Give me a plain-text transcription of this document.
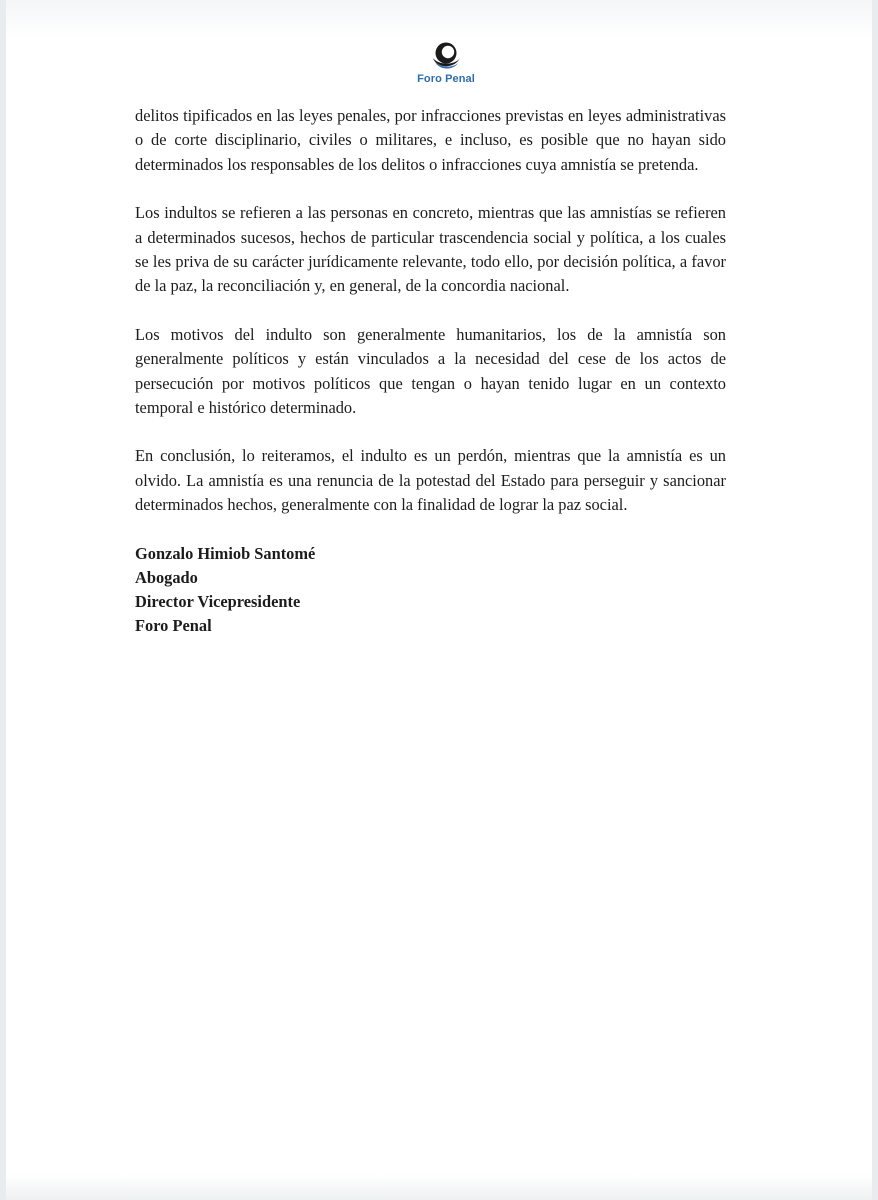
Foro Penal

delitos tipificados en las leyes penales, por infracciones previstas en leyes administrativas o de corte disciplinario, civiles o militares, e incluso, es posible que no hayan sido determinados los responsables de los delitos o infracciones cuya amnistía se pretenda.

Los indultos se refieren a las personas en concreto, mientras que las amnistías se refieren a determinados sucesos, hechos de particular trascendencia social y política, a los cuales se les priva de su carácter jurídicamente relevante, todo ello, por decisión política, a favor de la paz, la reconciliación y, en general, de la concordia nacional.

Los motivos del indulto son generalmente humanitarios, los de la amnistía son generalmente políticos y están vinculados a la necesidad del cese de los actos de persecución por motivos políticos que tengan o hayan tenido lugar en un contexto temporal e histórico determinado.

En conclusión, lo reiteramos, el indulto es un perdón, mientras que la amnistía es un olvido. La amnistía es una renuncia de la potestad del Estado para perseguir y sancionar determinados hechos, generalmente con la finalidad de lograr la paz social.

Gonzalo Himiob Santomé
Abogado
Director Vicepresidente
Foro Penal
